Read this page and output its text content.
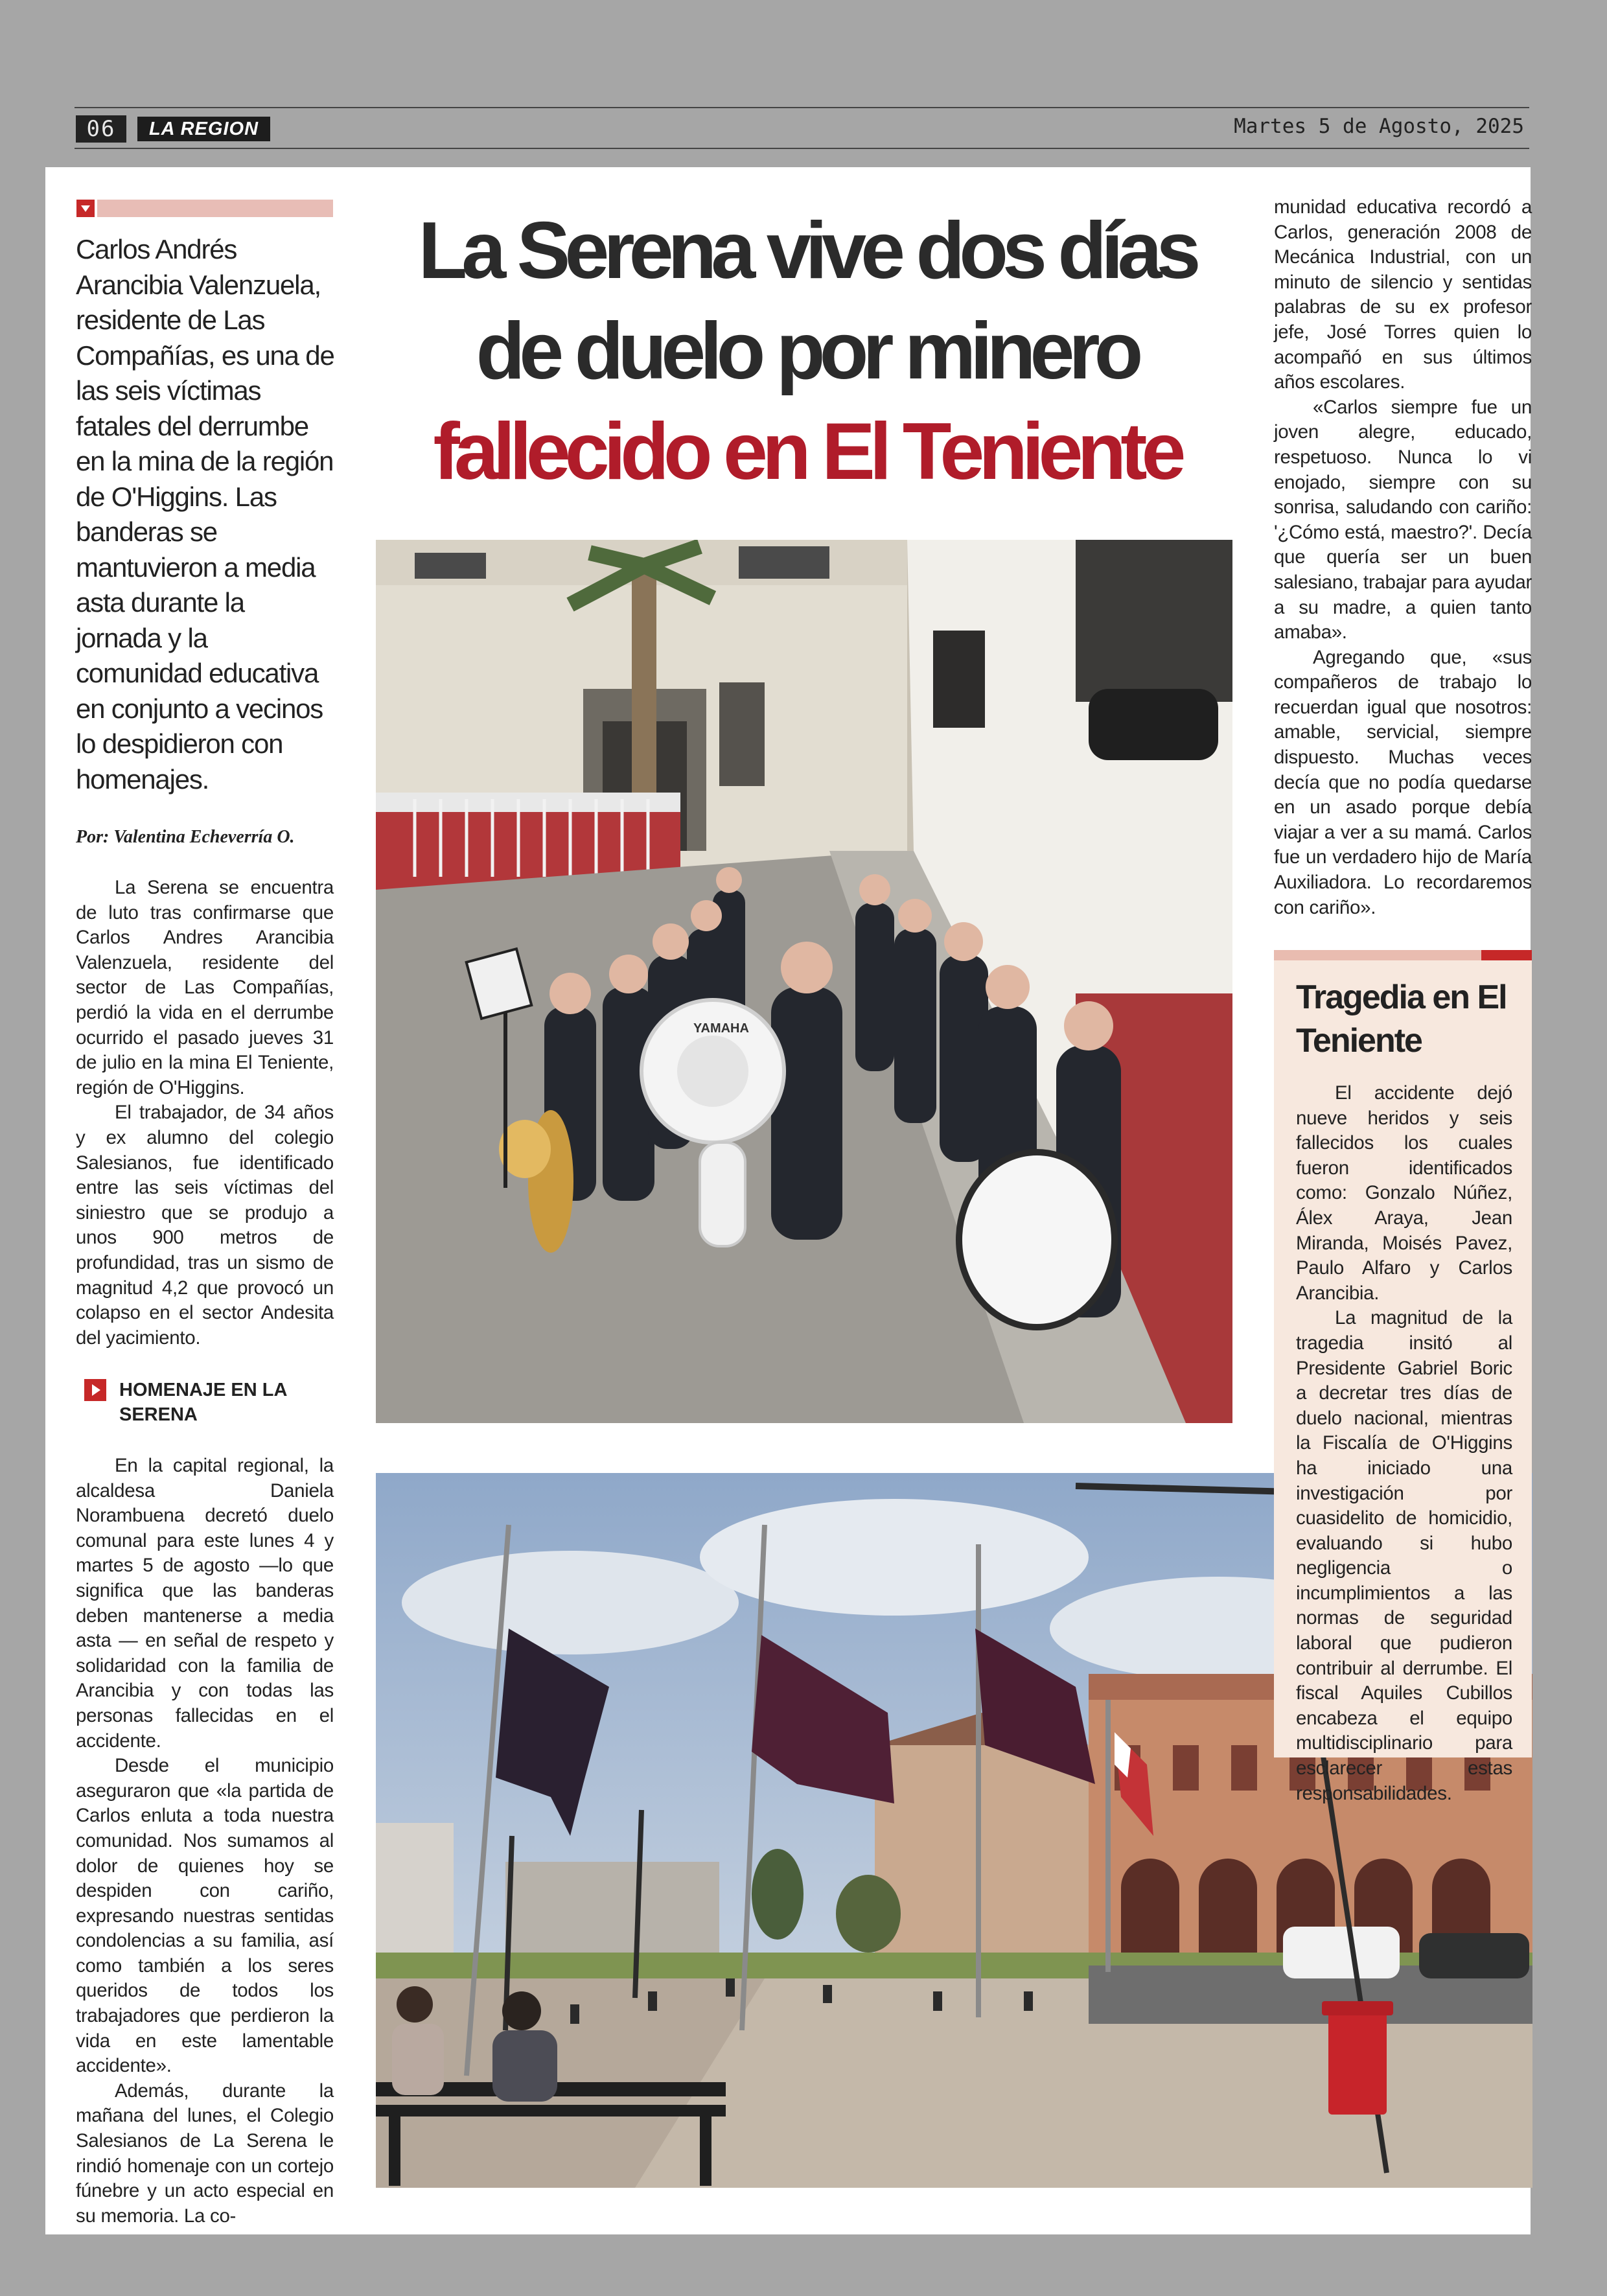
06	LA REGION	Martes 5 de Agosto, 2025

Carlos Andrés Arancibia Valenzuela, residente de Las Compañías, es una de las seis víctimas fatales del derrumbe en la mina de la región de O'Higgins. Las banderas se mantuvieron a media asta durante la jornada y la comunidad educativa en conjunto a vecinos lo despidieron con homenajes.

Por: Valentina Echeverría O.

La Serena se encuentra de luto tras confirmarse que Carlos Andres Arancibia Valenzuela, residente del sector de Las Compañías, perdió la vida en el derrumbe ocurrido el pasado jueves 31 de julio en la mina El Teniente, región de O'Higgins.

El trabajador, de 34 años y ex alumno del colegio Salesianos, fue identificado entre las seis víctimas del siniestro que se produjo a unos 900 metros de profundidad, tras un sismo de magnitud 4,2 que provocó un colapso en el sector Andesita del yacimiento.

HOMENAJE EN LA SERENA

En la capital regional, la alcaldesa Daniela Norambuena decretó duelo comunal para este lunes 4 y martes 5 de agosto —lo que significa que las banderas deben mantenerse a media asta — en señal de respeto y solidaridad con la familia de Arancibia y con todas las personas fallecidas en el accidente.

Desde el municipio aseguraron que «la partida de Carlos enluta a toda nuestra comunidad. Nos sumamos al dolor de quienes hoy se despiden con cariño, expresando nuestras sentidas condolencias a su familia, así como también a los seres queridos de todos los trabajadores que perdieron la vida en este lamentable accidente».

Además, durante la mañana del lunes, el Colegio Salesianos de La Serena le rindió homenaje con un cortejo fúnebre y un acto especial en su memoria. La co-

La Serena vive dos días
de duelo por minero
fallecido en El Teniente
YAMAHA

munidad educativa recordó a Carlos, generación 2008 de Mecánica Industrial, con un minuto de silencio y sentidas palabras de su ex profesor jefe, José Torres quien lo acompañó en sus últimos años escolares.

«Carlos siempre fue un joven alegre, educado, respetuoso. Nunca lo vi enojado, siempre con su sonrisa, saludando con cariño: '¿Cómo está, maestro?'. Decía que quería ser un buen salesiano, trabajar para ayudar a su madre, a quien tanto amaba».

Agregando que, «sus compañeros de trabajo lo recuerdan igual que nosotros: amable, servicial, siempre dispuesto. Muchas veces decía que no podía quedarse en un asado porque debía viajar a ver a su mamá. Carlos fue un verdadero hijo de María Auxiliadora. Lo recordaremos con cariño».

Tragedia en El Teniente

El accidente dejó nueve heridos y seis fallecidos los cuales fueron identificados como: Gonzalo Núñez, Álex Araya, Jean Miranda, Moisés Pavez, Paulo Alfaro y Carlos Arancibia.

La magnitud de la tragedia insitó al Presidente Gabriel Boric a decretar tres días de duelo nacional, mientras la Fiscalía de O'Higgins ha iniciado una investigación por cuasidelito de homicidio, evaluando si hubo negligencia o incumplimientos a las normas de seguridad laboral que pudieron contribuir al derrumbe. El fiscal Aquiles Cubillos encabeza el equipo multidisciplinario para esclarecer estas responsabilidades.
